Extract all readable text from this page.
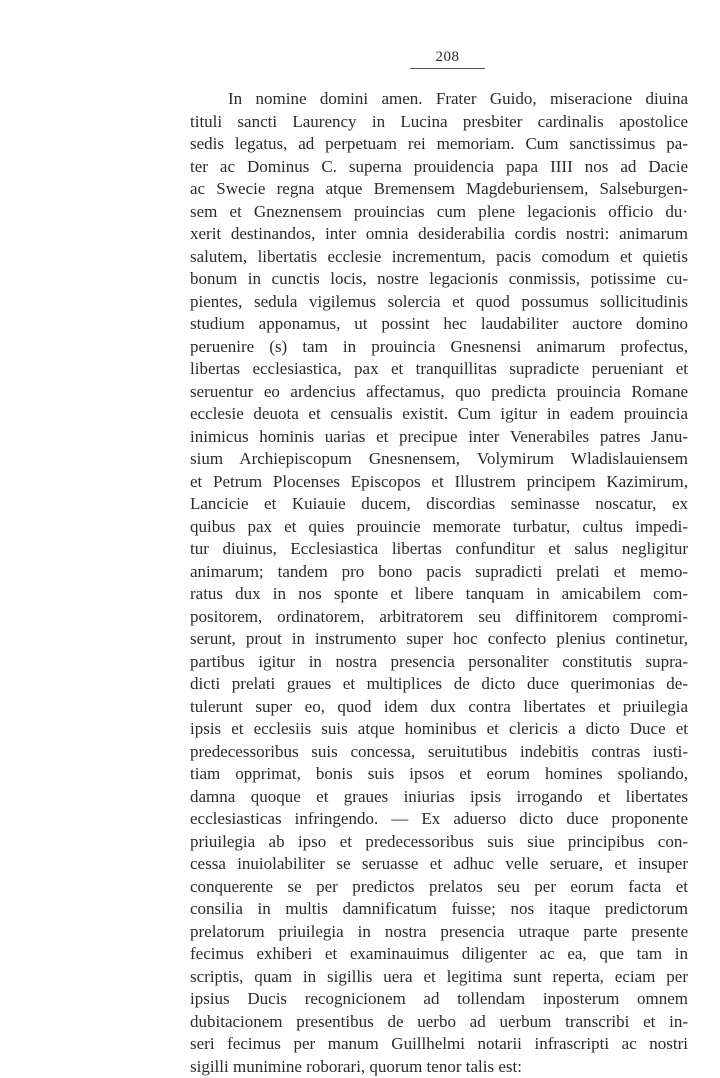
208
In nomine domini amen. Frater Guido, miseracione diuina
tituli sancti Laurency in Lucina presbiter cardinalis apostolice
sedis legatus, ad perpetuam rei memoriam. Cum sanctissimus pa-
ter ac Dominus C. superna prouidencia papa IIII nos ad Dacie
ac Swecie regna atque Bremensem Magdeburiensem, Salseburgen-
sem et Gneznensem prouincias cum plene legacionis officio du·
xerit destinandos, inter omnia desiderabilia cordis nostri: animarum
salutem, libertatis ecclesie incrementum, pacis comodum et quietis
bonum in cunctis locis, nostre legacionis conmissis, potissime cu-
pientes, sedula vigilemus solercia et quod possumus sollicitudinis
studium apponamus, ut possint hec laudabiliter auctore domino
peruenire (s) tam in prouincia Gnesnensi animarum profectus,
libertas ecclesiastica, pax et tranquillitas supradicte perueniant et
seruentur eo ardencius affectamus, quo predicta prouincia Romane
ecclesie deuota et censualis existit. Cum igitur in eadem prouincia
inimicus hominis uarias et precipue inter Venerabiles patres Janu-
sium Archiepiscopum Gnesnensem, Volymirum Wladislauiensem
et Petrum Plocenses Episcopos et Illustrem principem Kazimirum,
Lancicie et Kuiauie ducem, discordias seminasse noscatur, ex
quibus pax et quies prouincie memorate turbatur, cultus impedi-
tur diuinus, Ecclesiastica libertas confunditur et salus negligitur
animarum; tandem pro bono pacis supradicti prelati et memo-
ratus dux in nos sponte et libere tanquam in amicabilem com-
positorem, ordinatorem, arbitratorem seu diffinitorem compromi-
serunt, prout in instrumento super hoc confecto plenius continetur,
partibus igitur in nostra presencia personaliter constitutis supra-
dicti prelati graues et multiplices de dicto duce querimonias de-
tulerunt super eo, quod idem dux contra libertates et priuilegia
ipsis et ecclesiis suis atque hominibus et clericis a dicto Duce et
predecessoribus suis concessa, seruitutibus indebitis contras iusti-
tiam opprimat, bonis suis ipsos et eorum homines spoliando,
damna quoque et graues iniurias ipsis irrogando et libertates
ecclesiasticas infringendo. — Ex aduerso dicto duce proponente
priuilegia ab ipso et predecessoribus suis siue principibus con-
cessa inuiolabiliter se seruasse et adhuc velle seruare, et insuper
conquerente se per predictos prelatos seu per eorum facta et
consilia in multis damnificatum fuisse; nos itaque predictorum
prelatorum priuilegia in nostra presencia utraque parte presente
fecimus exhiberi et examinauimus diligenter ac ea, que tam in
scriptis, quam in sigillis uera et legitima sunt reperta, eciam per
ipsius Ducis recognicionem ad tollendam inposterum omnem
dubitacionem presentibus de uerbo ad uerbum transcribi et in-
seri fecimus per manum Guillhelmi notarii infrascripti ac nostri
sigilli munimine roborari, quorum tenor talis est:
